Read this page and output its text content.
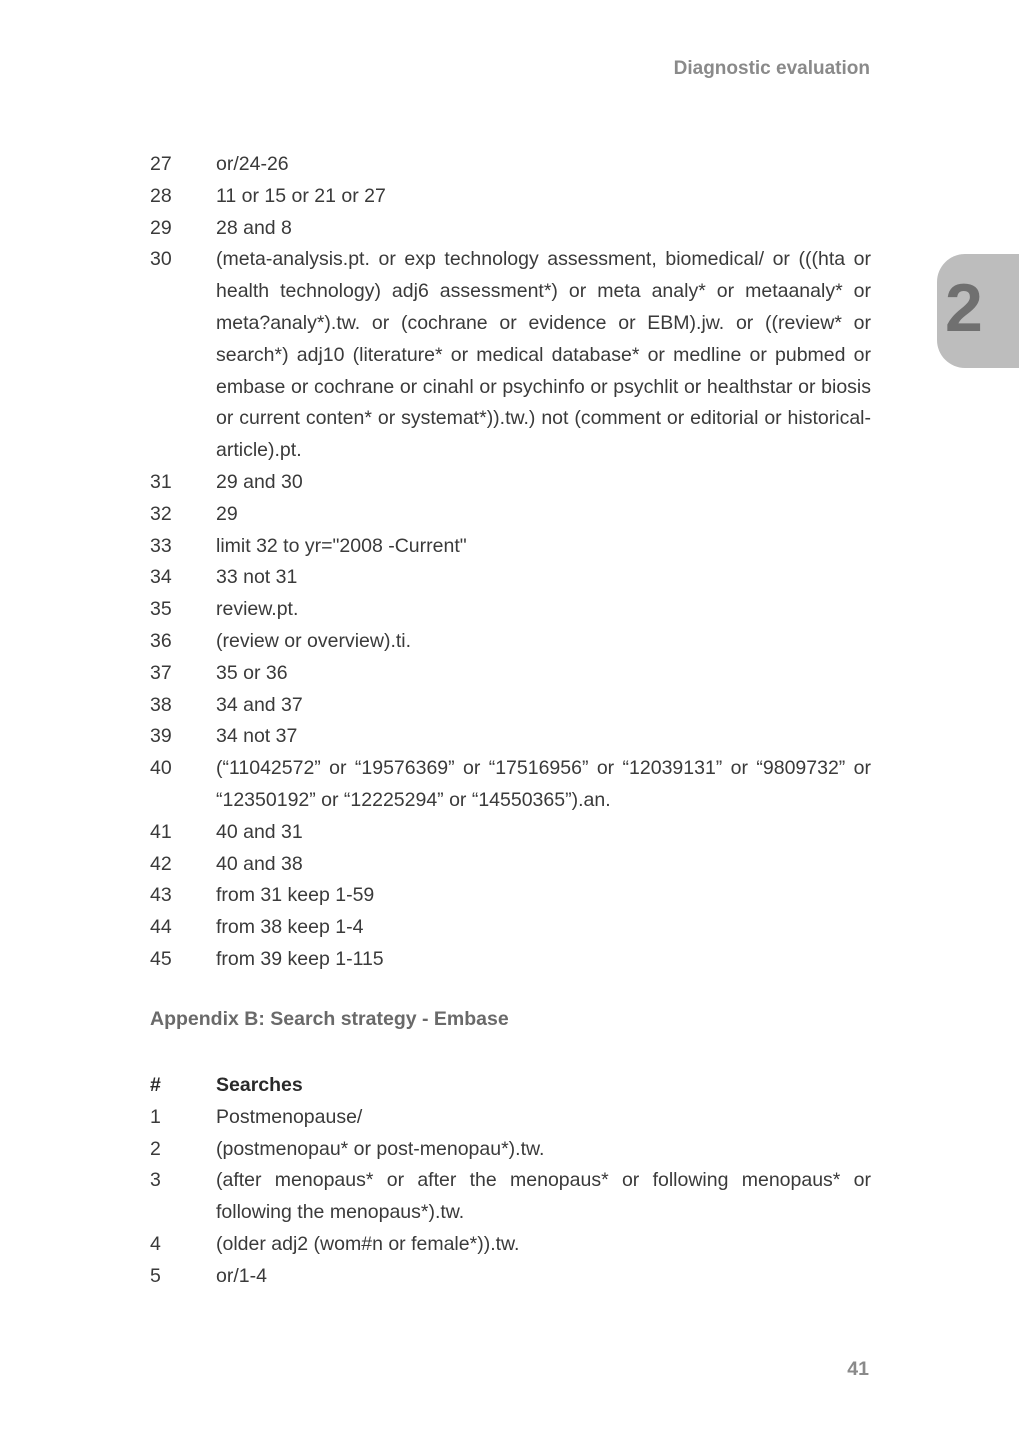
Diagnostic evaluation
2
27	or/24-26
28	11 or 15 or 21 or 27
29	28 and 8
30	(meta-analysis.pt. or exp technology assessment, biomedical/ or (((hta or health technology) adj6 assessment*) or meta analy* or metaanaly* or meta?analy*).tw. or (cochrane or evidence or EBM).jw. or ((review* or search*) adj10 (literature* or medical database* or medline or pubmed or embase or cochrane or cinahl or psychinfo or psychlit or healthstar or biosis or current conten* or systemat*)).tw.) not (comment or editorial or historical-article).pt.
31	29 and 30
32	29
33	limit 32 to yr="2008 -Current"
34	33 not 31
35	review.pt.
36	(review or overview).ti.
37	35 or 36
38	34 and 37
39	34 not 37
40	(“11042572” or “19576369” or “17516956” or “12039131” or “9809732” or “12350192” or “12225294” or “14550365”).an.
41	40 and 31
42	40 and 38
43	from 31 keep 1-59
44	from 38 keep 1-4
45	from 39 keep 1-115
Appendix B: Search strategy - Embase
#	Searches
1	Postmenopause/
2	(postmenopau* or post-menopau*).tw.
3	(after menopaus* or after the menopaus* or following menopaus* or following the menopaus*).tw.
4	(older adj2 (wom#n or female*)).tw.
5	or/1-4
41
